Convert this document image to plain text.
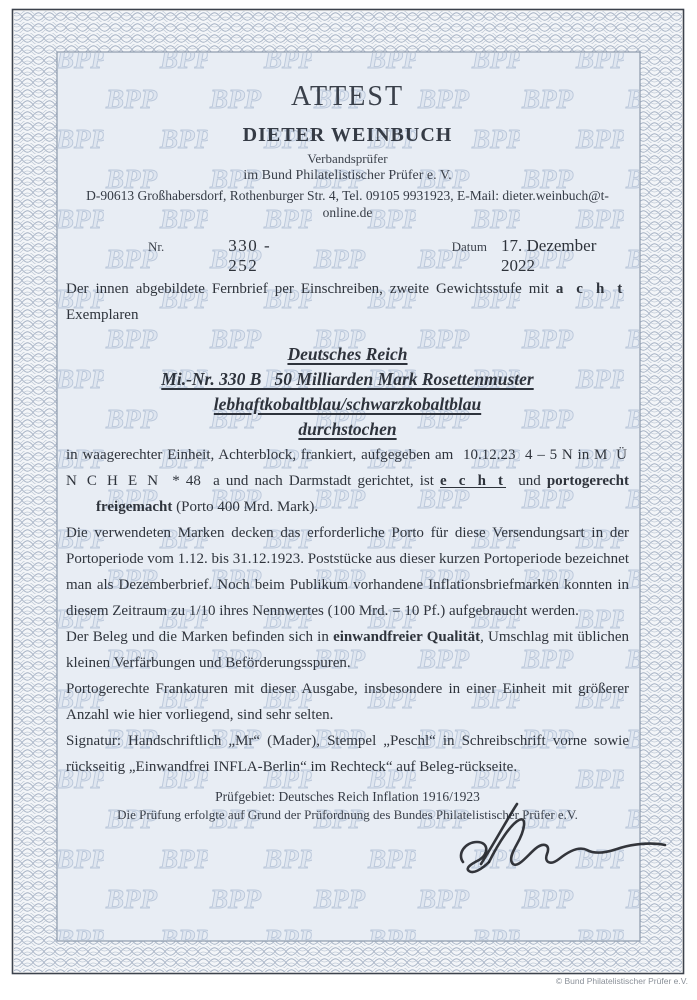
ATTEST
DIETER WEINBUCH
Verbandsprüfer
im Bund Philatelistischer Prüfer e. V.
D-90613 Großhabersdorf, Rothenburger Str. 4, Tel. 09105 9931923, E-Mail: dieter.weinbuch@t-online.de
Nr.	330 - 252
Datum 17. Dezember 2022

Der innen abgebildete Fernbrief per Einschreiben, zweite Gewichtsstufe mit a c h t  Exemplaren

Deutsches Reich
Mi.-Nr. 330 B   50 Milliarden Mark Rosettenmuster
lebhaftkobaltblau/schwarzkobaltblau
durchstochen

in waagerechter Einheit, Achterblock, frankiert, aufgegeben am  10.12.23  4 – 5 N in M Ü N C H E N * 48  a und nach Darmstadt gerichtet, ist e c h t und portogerecht freigemacht (Porto 400 Mrd. Mark).

Die verwendeten Marken decken das erforderliche Porto für diese Versendungsart in der Portoperiode vom 1.12. bis 31.12.1923. Poststücke aus dieser kurzen Portoperiode bezeichnet man als Dezemberbrief. Noch beim Publikum vorhandene Inflationsbriefmarken konnten in diesem Zeitraum zu 1/10 ihres Nennwertes (100 Mrd. = 10 Pf.) aufgebraucht werden.

Der Beleg und die Marken befinden sich in einwandfreier Qualität, Umschlag mit üblichen kleinen Verfärbungen und Beförderungsspuren.

Portogerechte Frankaturen mit dieser Ausgabe, insbesondere in einer Einheit mit größerer Anzahl wie hier vorliegend, sind sehr selten.

Signatur: Handschriftlich „Mr“ (Mader), Stempel „Peschl“ in Schreibschrift vorne sowie rückseitig „Einwandfrei INFLA-Berlin“ im Rechteck“ auf Beleg-rückseite.

Prüfgebiet: Deutsches Reich Inflation 1916/1923
Die Prüfung erfolgte auf Grund der Prüfordnung des Bundes Philatelistischer Prüfer e.V.
© Bund Philatelistischer Prüfer e.V.
